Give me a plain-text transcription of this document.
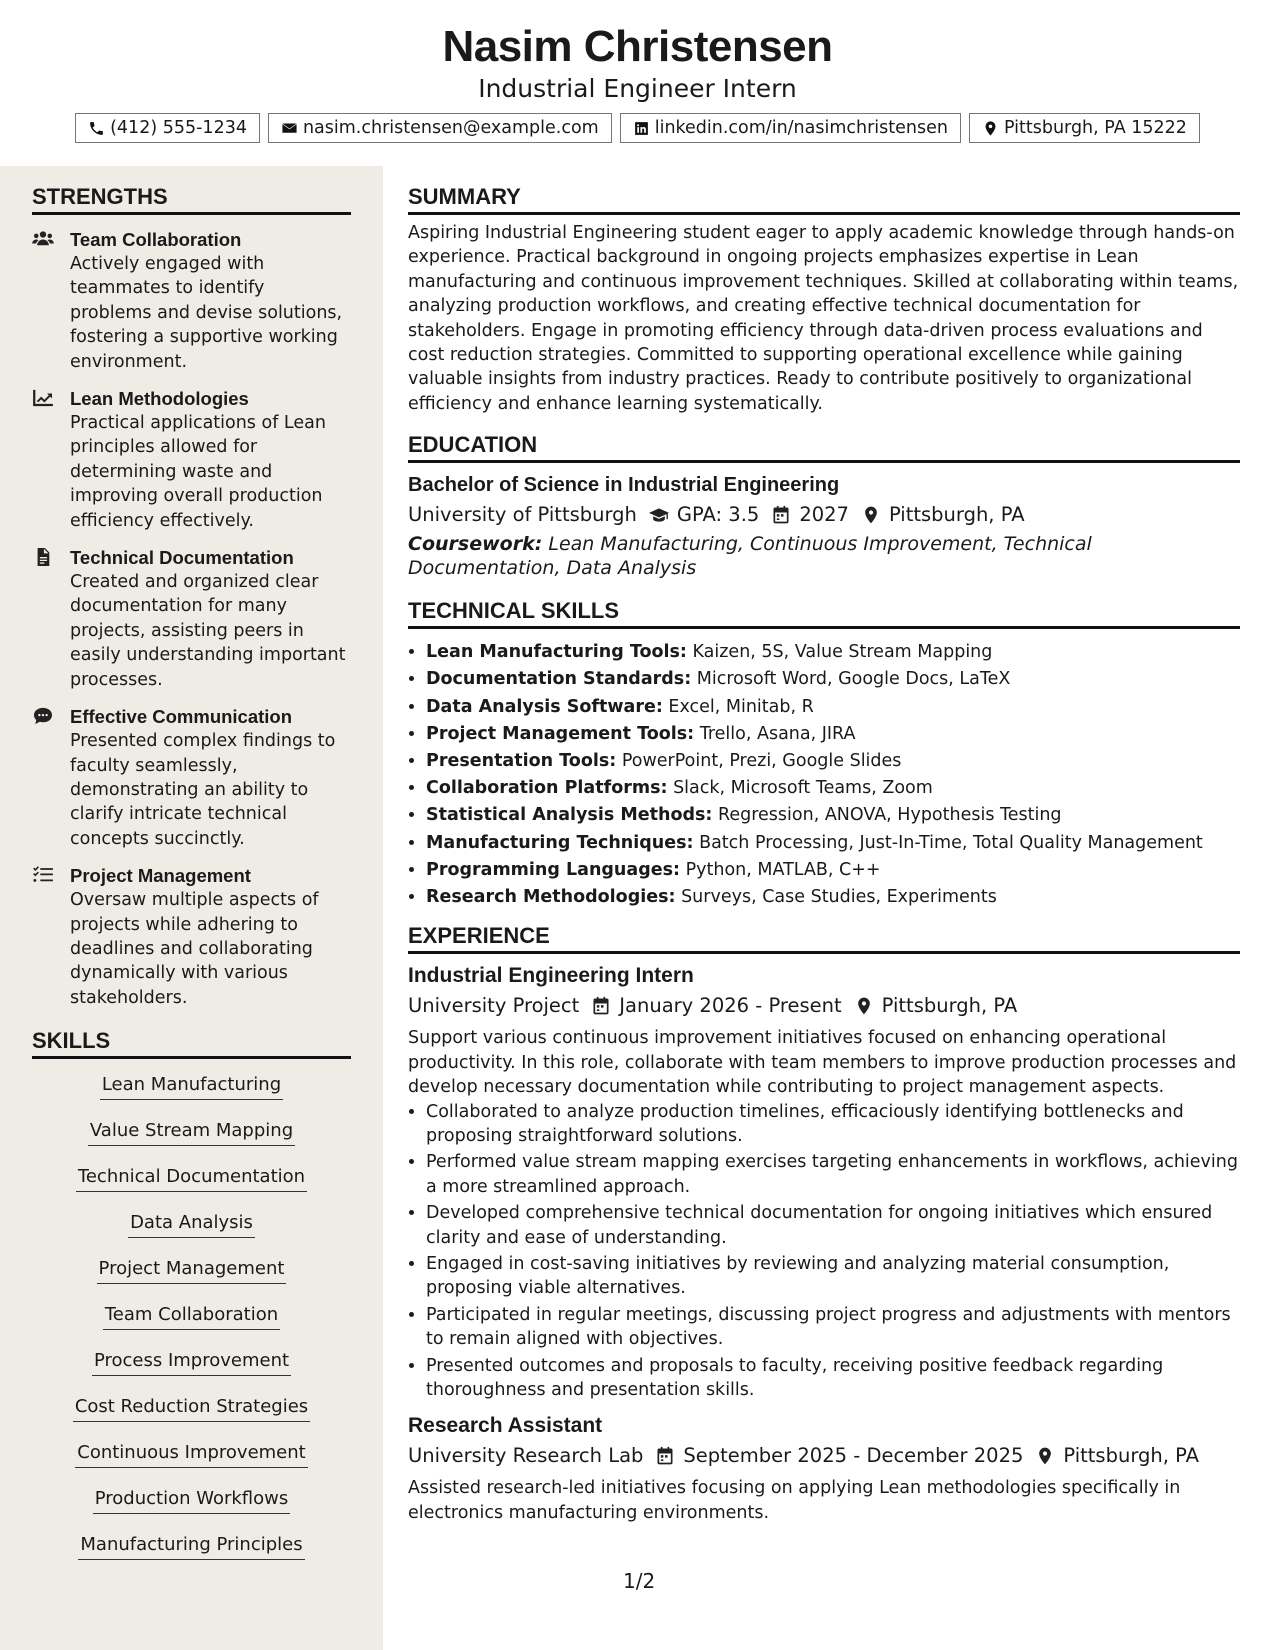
Nasim Christensen
Industrial Engineer Intern
(412) 555-1234	nasim.christensen@example.com	linkedin.com/in/nasimchristensen	Pittsburgh, PA 15222
STRENGTHS
Team Collaboration
Actively engaged with teammates to identify problems and devise solutions, fostering a supportive working environment.
Lean Methodologies
Practical applications of Lean principles allowed for determining waste and improving overall production efficiency effectively.
Technical Documentation
Created and organized clear documentation for many projects, assisting peers in easily understanding important processes.
Effective Communication
Presented complex findings to faculty seamlessly, demonstrating an ability to clarify intricate technical concepts succinctly.
Project Management
Oversaw multiple aspects of projects while adhering to deadlines and collaborating dynamically with various stakeholders.
SKILLS
Lean Manufacturing
Value Stream Mapping
Technical Documentation
Data Analysis
Project Management
Team Collaboration
Process Improvement
Cost Reduction Strategies
Continuous Improvement
Production Workflows
Manufacturing Principles
SUMMARY
Aspiring Industrial Engineering student eager to apply academic knowledge through hands-on experience. Practical background in ongoing projects emphasizes expertise in Lean manufacturing and continuous improvement techniques. Skilled at collaborating within teams, analyzing production workflows, and creating effective technical documentation for stakeholders. Engage in promoting efficiency through data-driven process evaluations and cost reduction strategies. Committed to supporting operational excellence while gaining valuable insights from industry practices. Ready to contribute positively to organizational efficiency and enhance learning systematically.
EDUCATION
Bachelor of Science in Industrial Engineering
University of Pittsburgh GPA: 3.5 2027 Pittsburgh, PA
Coursework: Lean Manufacturing, Continuous Improvement, Technical Documentation, Data Analysis
TECHNICAL SKILLS
• Lean Manufacturing Tools: Kaizen, 5S, Value Stream Mapping
• Documentation Standards: Microsoft Word, Google Docs, LaTeX
• Data Analysis Software: Excel, Minitab, R
• Project Management Tools: Trello, Asana, JIRA
• Presentation Tools: PowerPoint, Prezi, Google Slides
• Collaboration Platforms: Slack, Microsoft Teams, Zoom
• Statistical Analysis Methods: Regression, ANOVA, Hypothesis Testing
• Manufacturing Techniques: Batch Processing, Just-In-Time, Total Quality Management
• Programming Languages: Python, MATLAB, C++
• Research Methodologies: Surveys, Case Studies, Experiments
EXPERIENCE
Industrial Engineering Intern
University Project January 2026 - Present Pittsburgh, PA
Support various continuous improvement initiatives focused on enhancing operational productivity. In this role, collaborate with team members to improve production processes and develop necessary documentation while contributing to project management aspects.
• Collaborated to analyze production timelines, efficaciously identifying bottlenecks and proposing straightforward solutions.
• Performed value stream mapping exercises targeting enhancements in workflows, achieving a more streamlined approach.
• Developed comprehensive technical documentation for ongoing initiatives which ensured clarity and ease of understanding.
• Engaged in cost-saving initiatives by reviewing and analyzing material consumption, proposing viable alternatives.
• Participated in regular meetings, discussing project progress and adjustments with mentors to remain aligned with objectives.
• Presented outcomes and proposals to faculty, receiving positive feedback regarding thoroughness and presentation skills.
Research Assistant
University Research Lab September 2025 - December 2025 Pittsburgh, PA
Assisted research-led initiatives focusing on applying Lean methodologies specifically in electronics manufacturing environments.
1/2
